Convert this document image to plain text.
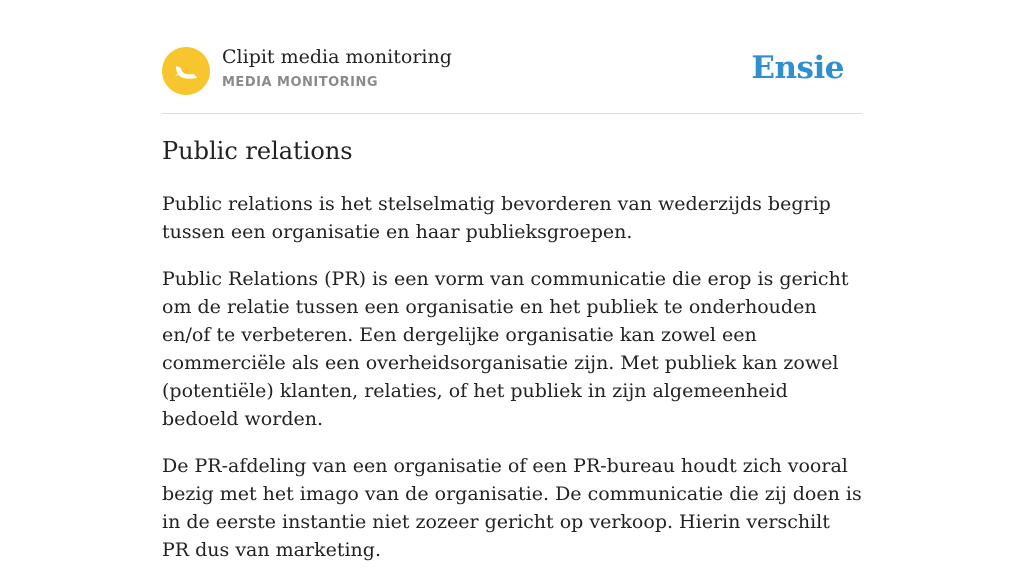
Clipit media monitoring
MEDIA MONITORING	Ensie
Public relations

Public relations is het stelselmatig bevorderen van wederzijds begrip tussen een organisatie en haar publieksgroepen.

Public Relations (PR) is een vorm van communicatie die erop is gericht om de relatie tussen een organisatie en het publiek te onderhouden en/of te verbeteren. Een dergelijke organisatie kan zowel een commerciële als een overheidsorganisatie zijn. Met publiek kan zowel (potentiële) klanten, relaties, of het publiek in zijn algemeenheid bedoeld worden.

De PR-afdeling van een organisatie of een PR-bureau houdt zich vooral bezig met het imago van de organisatie. De communicatie die zij doen is in de eerste instantie niet zozeer gericht op verkoop. Hierin verschilt PR dus van marketing.
